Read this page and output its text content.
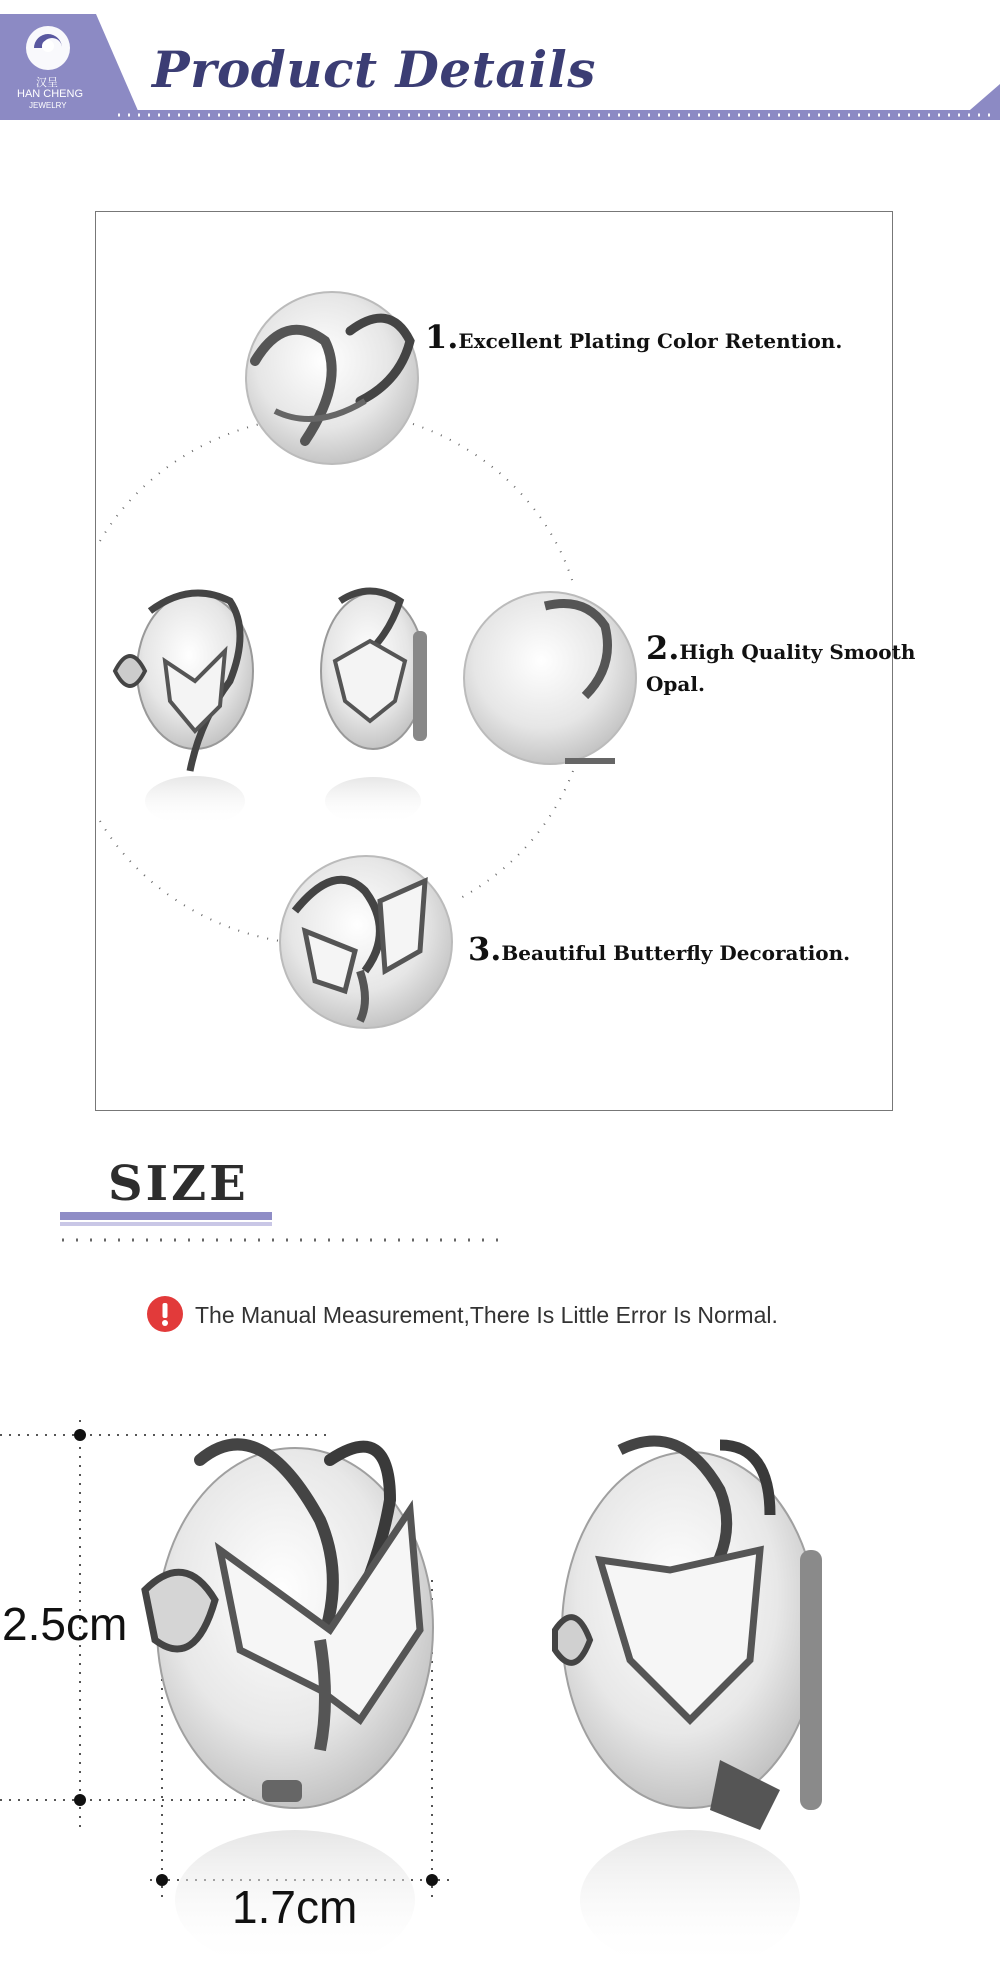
汉呈
HAN CHENG
JEWELRY
Product Details
1.Excellent Plating Color Retention.
2.High Quality Smooth
Opal.
3.Beautiful Butterfly Decoration.
SIZE
The Manual Measurement,There Is Little Error Is Normal.
2.5cm
1.7cm
